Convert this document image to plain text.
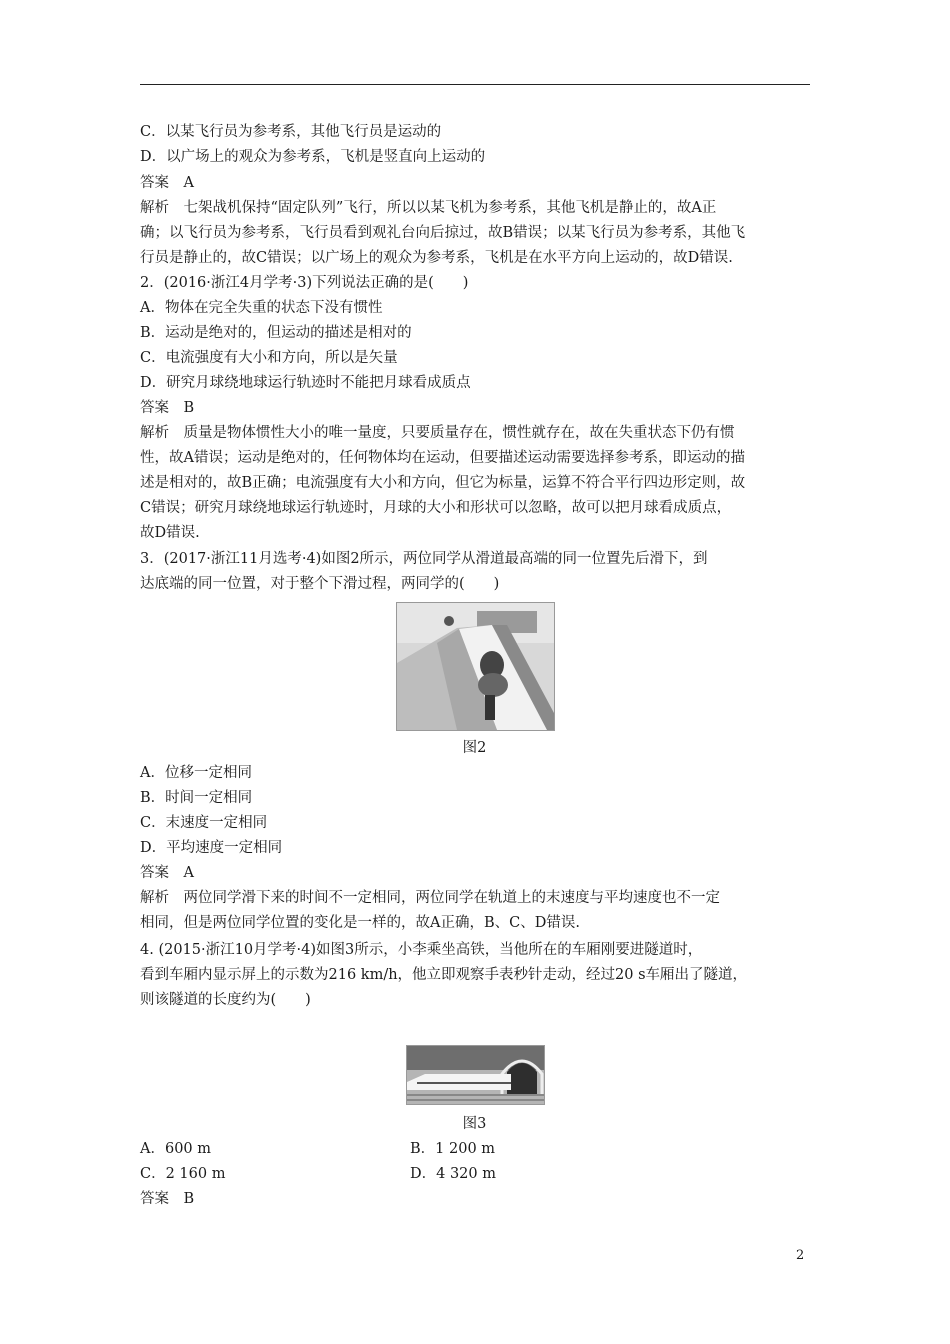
C．以某飞行员为参考系，其他飞行员是运动的
D．以广场上的观众为参考系，飞机是竖直向上运动的
答案　A
解析　七架战机保持“固定队列”飞行，所以以某飞机为参考系，其他飞机是静止的，故A正
确；以飞行员为参考系，飞行员看到观礼台向后掠过，故B错误；以某飞行员为参考系，其他飞
行员是静止的，故C错误；以广场上的观众为参考系，飞机是在水平方向上运动的，故D错误.
2．(2016·浙江4月学考·3)下列说法正确的是(　　)
A．物体在完全失重的状态下没有惯性
B．运动是绝对的，但运动的描述是相对的
C．电流强度有大小和方向，所以是矢量
D．研究月球绕地球运行轨迹时不能把月球看成质点
答案　B
解析　质量是物体惯性大小的唯一量度，只要质量存在，惯性就存在，故在失重状态下仍有惯
性，故A错误；运动是绝对的，任何物体均在运动，但要描述运动需要选择参考系，即运动的描
述是相对的，故B正确；电流强度有大小和方向，但它为标量，运算不符合平行四边形定则，故
C错误；研究月球绕地球运行轨迹时，月球的大小和形状可以忽略，故可以把月球看成质点，
故D错误.
3．(2017·浙江11月选考·4)如图2所示，两位同学从滑道最高端的同一位置先后滑下，到
达底端的同一位置，对于整个下滑过程，两同学的(　　)
图2
A．位移一定相同
B．时间一定相同
C．末速度一定相同
D．平均速度一定相同
答案　A
解析　两位同学滑下来的时间不一定相同，两位同学在轨道上的末速度与平均速度也不一定
相同，但是两位同学位置的变化是一样的，故A正确，B、C、D错误.
4. (2015·浙江10月学考·4)如图3所示，小李乘坐高铁，当他所在的车厢刚要进隧道时，
看到车厢内显示屏上的示数为216 km/h，他立即观察手表秒针走动，经过20 s车厢出了隧道，
则该隧道的长度约为(　　)
图3
A．600 m	B．1 200 m
C．2 160 m	D．4 320 m
答案　B
2
